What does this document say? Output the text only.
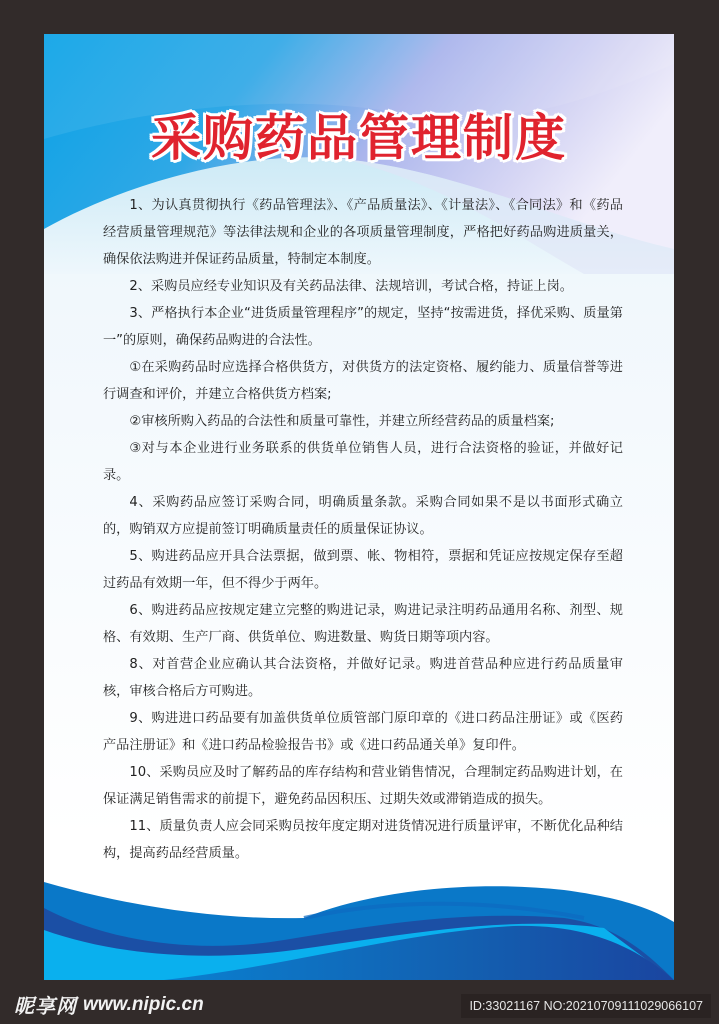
采购药品管理制度

1、为认真贯彻执行《药品管理法》、《产品质量法》、《计量法》、《合同法》和《药品经营质量管理规范》等法律法规和企业的各项质量管理制度，严格把好药品购进质量关，确保依法购进并保证药品质量，特制定本制度。

2、采购员应经专业知识及有关药品法律、法规培训，考试合格，持证上岗。

3、严格执行本企业“进货质量管理程序”的规定，坚持“按需进货，择优采购、质量第一”的原则，确保药品购进的合法性。

①在采购药品时应选择合格供货方，对供货方的法定资格、履约能力、质量信誉等进行调查和评价，并建立合格供货方档案;

②审核所购入药品的合法性和质量可靠性，并建立所经营药品的质量档案;

③对与本企业进行业务联系的供货单位销售人员，进行合法资格的验证，并做好记录。

4、采购药品应签订采购合同，明确质量条款。采购合同如果不是以书面形式确立的，购销双方应提前签订明确质量责任的质量保证协议。

5、购进药品应开具合法票据，做到票、帐、物相符，票据和凭证应按规定保存至超过药品有效期一年，但不得少于两年。

6、购进药品应按规定建立完整的购进记录，购进记录注明药品通用名称、剂型、规格、有效期、生产厂商、供货单位、购进数量、购货日期等项内容。

8、对首营企业应确认其合法资格，并做好记录。购进首营品种应进行药品质量审核，审核合格后方可购进。

9、购进进口药品要有加盖供货单位质管部门原印章的《进口药品注册证》或《医药产品注册证》和《进口药品检验报告书》或《进口药品通关单》复印件。

10、采购员应及时了解药品的库存结构和营业销售情况，合理制定药品购进计划，在保证满足销售需求的前提下，避免药品因积压、过期失效或滞销造成的损失。

11、质量负责人应会同采购员按年度定期对进货情况进行质量评审，不断优化品种结构，提高药品经营质量。

昵享网 www.nipic.cn	ID:33021167 NO:20210709111029066107
